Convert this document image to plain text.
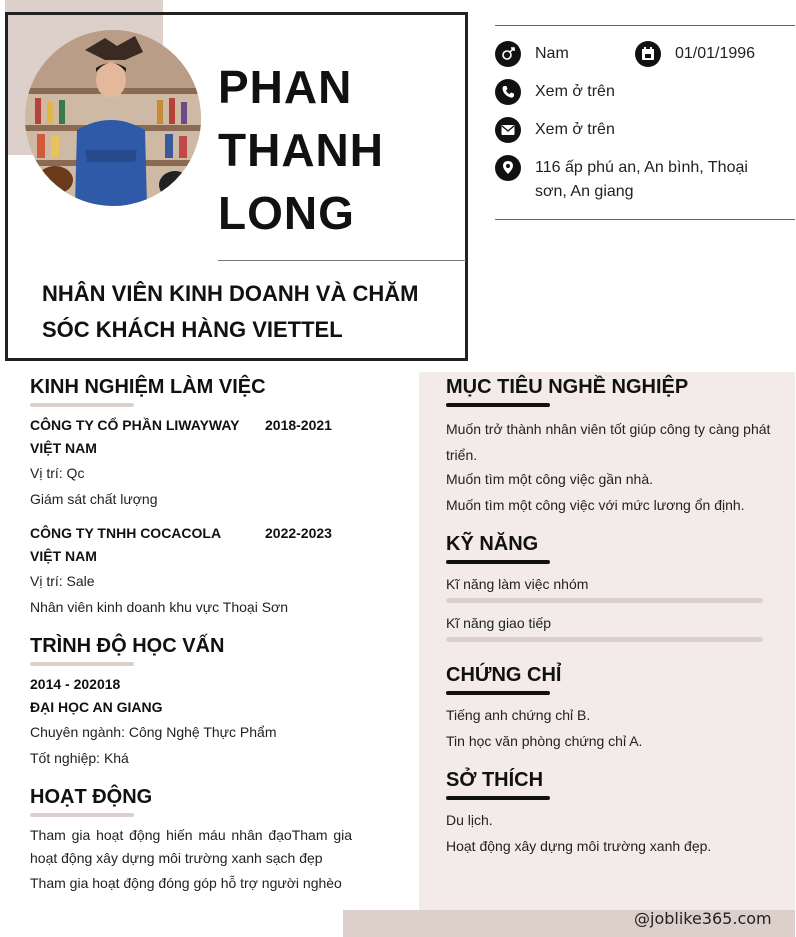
PHAN
THANH
LONG
NHÂN VIÊN KINH DOANH VÀ CHĂM SÓC KHÁCH HÀNG VIETTEL
Nam	01/01/1996
Xem ở trên
Xem ở trên
116 ấp phú an, An bình, Thoại sơn, An giang
KINH NGHIỆM LÀM VIỆC
CÔNG TY CỔ PHẦN LIWAYWAY VIỆT NAM
2018-2021
Vị trí: Qc
Giám sát chất lượng
CÔNG TY TNHH COCACOLA VIỆT NAM
2022-2023
Vị trí: Sale
Nhân viên kinh doanh khu vực Thoại Sơn
TRÌNH ĐỘ HỌC VẤN
2014 - 202018
ĐẠI HỌC AN GIANG
Chuyên ngành: Công Nghệ Thực Phẩm
Tốt nghiệp: Khá
HOẠT ĐỘNG
Tham gia hoạt động hiến máu nhân đạoTham gia hoạt động xây dựng môi trường xanh sạch đẹp
Tham gia hoạt động đóng góp hỗ trợ người nghèo
MỤC TIÊU NGHỀ NGHIỆP
Muốn trở thành nhân viên tốt giúp công ty càng phát triển.
Muốn tìm một công việc gần nhà.
Muốn tìm một công việc với mức lương ổn định.
KỸ NĂNG
Kĩ năng làm việc nhóm
Kĩ năng giao tiếp
CHỨNG CHỈ
Tiếng anh chứng chỉ B.
Tin học văn phòng chứng chỉ A.
SỞ THÍCH
Du lịch.
Hoạt động xây dựng môi trường xanh đẹp.
@joblike365.com
